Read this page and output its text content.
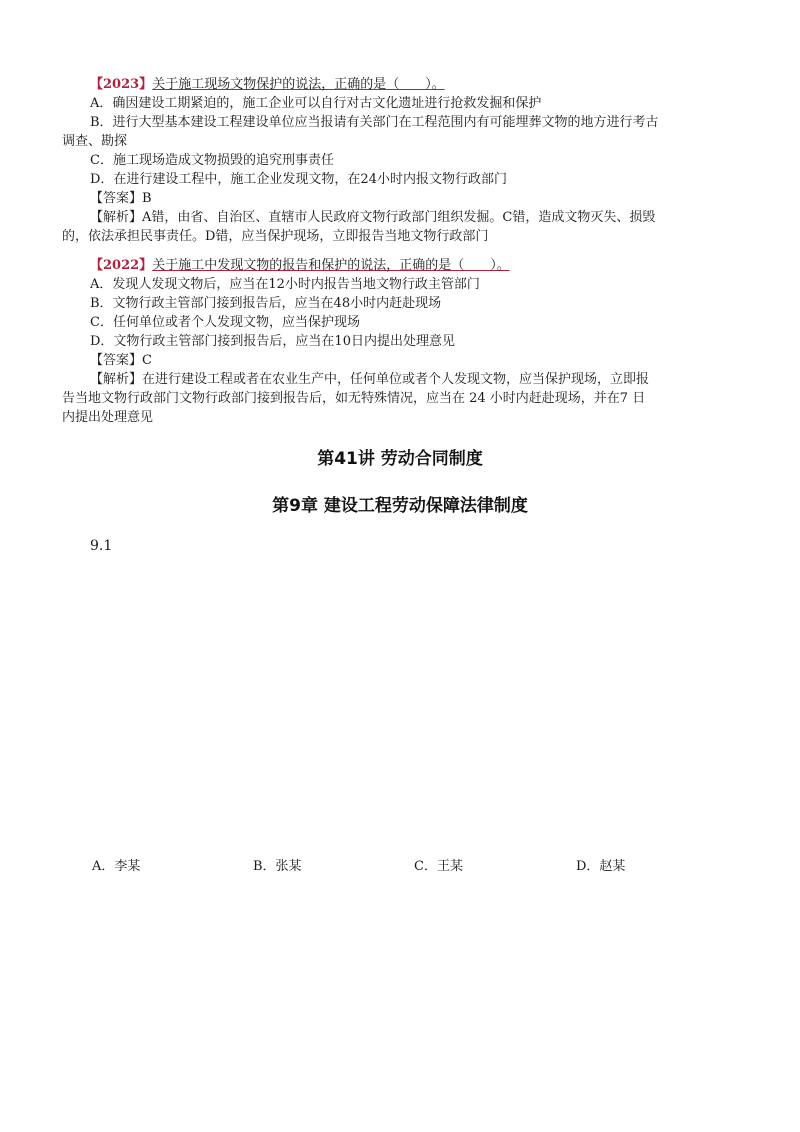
【2023】关于施工现场文物保护的说法，正确的是（　　）。
A．确因建设工期紧迫的，施工企业可以自行对古文化遗址进行抢救发掘和保护
B．进行大型基本建设工程建设单位应当报请有关部门在工程范围内有可能埋葬文物的地方进行考古
调查、勘探
C．施工现场造成文物损毁的追究刑事责任
D．在进行建设工程中，施工企业发现文物，在24小时内报文物行政部门
【答案】B
【解析】A错，由省、自治区、直辖市人民政府文物行政部门组织发掘。C错，造成文物灭失、损毁
的，依法承担民事责任。D错，应当保护现场，立即报告当地文物行政部门
【2022】关于施工中发现文物的报告和保护的说法，正确的是（　　）。
A．发现人发现文物后，应当在12小时内报告当地文物行政主管部门
B．文物行政主管部门接到报告后，应当在48小时内赶赴现场
C．任何单位或者个人发现文物，应当保护现场
D．文物行政主管部门接到报告后，应当在10日内提出处理意见
【答案】C
【解析】在进行建设工程或者在农业生产中，任何单位或者个人发现文物，应当保护现场，立即报
告当地文物行政部门文物行政部门接到报告后，如无特殊情况，应当在 24 小时内赶赴现场，并在7 日
内提出处理意见
第41讲 劳动合同制度
第9章 建设工程劳动保障法律制度
9.1
A．李某	B．张某	C．王某	D．赵某
